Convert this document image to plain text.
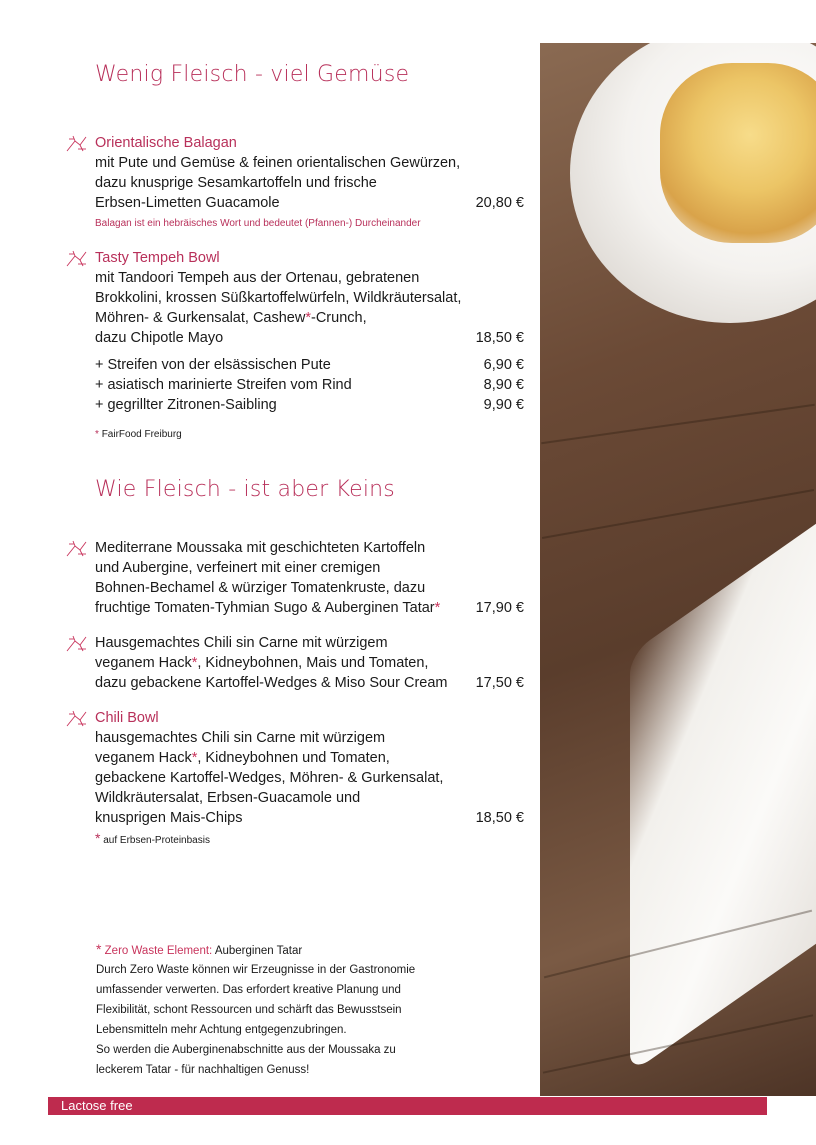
Wenig Fleisch - viel Gemüse
Orientalische Balagan
mit Pute und Gemüse & feinen orientalischen Gewürzen,
dazu knusprige Sesamkartoffeln und frische
Erbsen-Limetten Guacamole	20,80 €
Balagan ist ein hebräisches Wort und bedeutet (Pfannen-) Durcheinander
Tasty Tempeh Bowl
mit Tandoori Tempeh aus der Ortenau, gebratenen
Brokkolini, krossen Süßkartoffelwürfeln, Wildkräutersalat,
Möhren- & Gurkensalat, Cashew*-Crunch,
dazu Chipotle Mayo	18,50 €
+ Streifen von der elsässischen Pute	6,90 €
+ asiatisch marinierte Streifen vom Rind	8,90 €
+ gegrillter Zitronen-Saibling	9,90 €
* FairFood Freiburg
Wie Fleisch - ist aber Keins
Mediterrane Moussaka mit geschichteten Kartoffeln
und Aubergine, verfeinert mit einer cremigen
Bohnen-Bechamel & würziger Tomatenkruste, dazu
fruchtige Tomaten-Tyhmian Sugo & Auberginen Tatar* 17,90 €
Hausgemachtes Chili sin Carne mit würzigem
veganem Hack*, Kidneybohnen, Mais und Tomaten,
dazu gebackene Kartoffel-Wedges & Miso Sour Cream 17,50 €
Chili Bowl
hausgemachtes Chili sin Carne mit würzigem
veganem Hack*, Kidneybohnen und Tomaten,
gebackene Kartoffel-Wedges, Möhren- & Gurkensalat,
Wildkräutersalat, Erbsen-Guacamole und
knusprigen Mais-Chips	18,50 €
* auf Erbsen-Proteinbasis
* Zero Waste Element: Auberginen Tatar
Durch Zero Waste können wir Erzeugnisse in der Gastronomie
umfassender verwerten. Das erfordert kreative Planung und
Flexibilität, schont Ressourcen und schärft das Bewusstsein
Lebensmitteln mehr Achtung entgegenzubringen.
So werden die Auberginenabschnitte aus der Moussaka zu
leckerem Tatar - für nachhaltigen Genuss!
Lactose free
